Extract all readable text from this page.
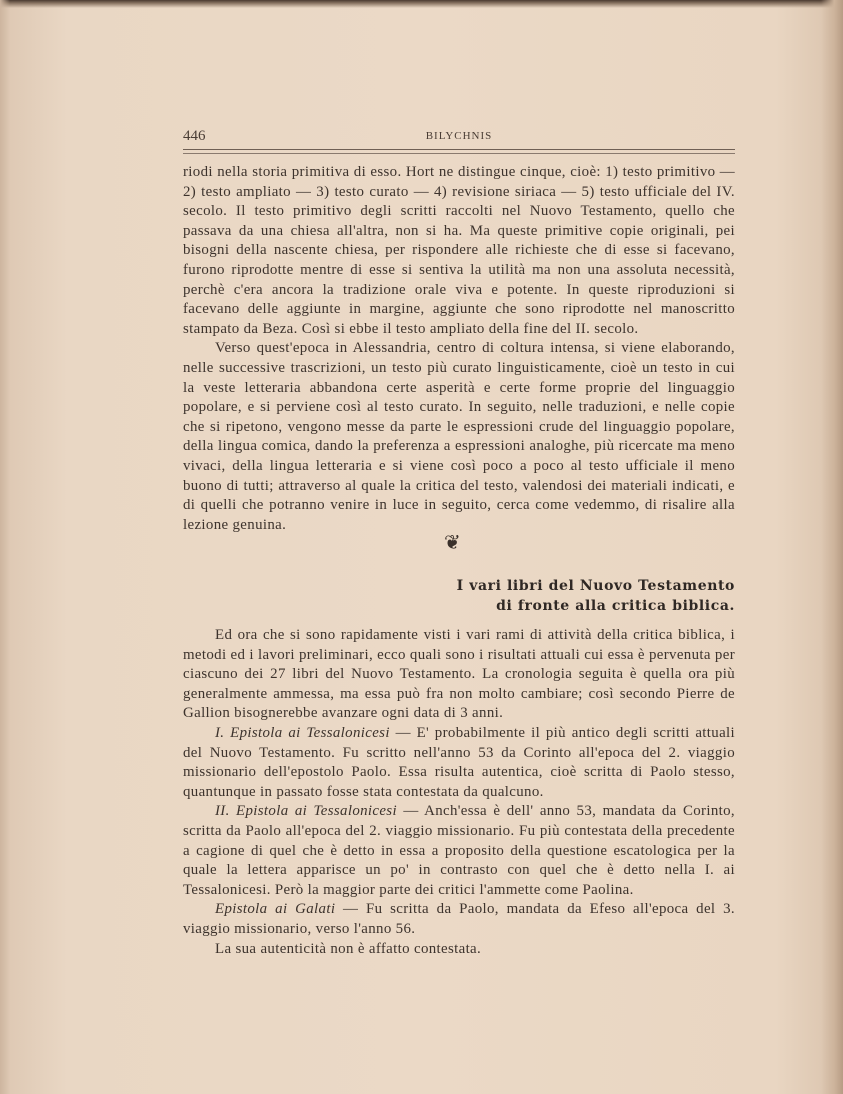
446	BILYCHNIS

riodi nella storia primitiva di esso. Hort ne distingue cinque, cioè: 1) testo primitivo — 2) testo ampliato — 3) testo curato — 4) revisione siriaca — 5) testo ufficiale del IV. secolo. Il testo primitivo degli scritti raccolti nel Nuovo Testamento, quello che passava da una chiesa all'altra, non si ha. Ma queste primitive copie originali, pei bisogni della nascente chiesa, per rispondere alle richieste che di esse si facevano, furono riprodotte mentre di esse si sentiva la utilità ma non una assoluta necessità, perchè c'era ancora la tradizione orale viva e potente. In queste riproduzioni si facevano delle aggiunte in margine, aggiunte che sono riprodotte nel manoscritto stampato da Beza. Così si ebbe il testo ampliato della fine del II. secolo.

Verso quest'epoca in Alessandria, centro di coltura intensa, si viene elaborando, nelle successive trascrizioni, un testo più curato linguisticamente, cioè un testo in cui la veste letteraria abbandona certe asperità e certe forme proprie del linguaggio popolare, e si perviene così al testo curato. In seguito, nelle traduzioni, e nelle copie che si ripetono, vengono messe da parte le espressioni crude del linguaggio popolare, della lingua comica, dando la preferenza a espressioni analoghe, più ricercate ma meno vivaci, della lingua letteraria e si viene così poco a poco al testo ufficiale il meno buono di tutti; attraverso al quale la critica del testo, valendosi dei materiali indicati, e di quelli che potranno venire in luce in seguito, cerca come vedemmo, di risalire alla lezione genuina.

❦
I vari libri del Nuovo Testamento
di fronte alla critica biblica.

Ed ora che si sono rapidamente visti i vari rami di attività della critica biblica, i metodi ed i lavori preliminari, ecco quali sono i risultati attuali cui essa è pervenuta per ciascuno dei 27 libri del Nuovo Testamento. La cronologia seguita è quella ora più generalmente ammessa, ma essa può fra non molto cambiare; così secondo Pierre de Gallion bisognerebbe avanzare ogni data di 3 anni.

I. Epistola ai Tessalonicesi — E' probabilmente il più antico degli scritti attuali del Nuovo Testamento. Fu scritto nell'anno 53 da Corinto all'epoca del 2. viaggio missionario dell'epostolo Paolo. Essa risulta autentica, cioè scritta di Paolo stesso, quantunque in passato fosse stata contestata da qualcuno.

II. Epistola ai Tessalonicesi — Anch'essa è dell' anno 53, mandata da Corinto, scritta da Paolo all'epoca del 2. viaggio missionario. Fu più contestata della precedente a cagione di quel che è detto in essa a proposito della questione escatologica per la quale la lettera apparisce un po' in contrasto con quel che è detto nella I. ai Tessalonicesi. Però la maggior parte dei critici l'ammette come Paolina.

Epistola ai Galati — Fu scritta da Paolo, mandata da Efeso all'epoca del 3. viaggio missionario, verso l'anno 56.

La sua autenticità non è affatto contestata.
